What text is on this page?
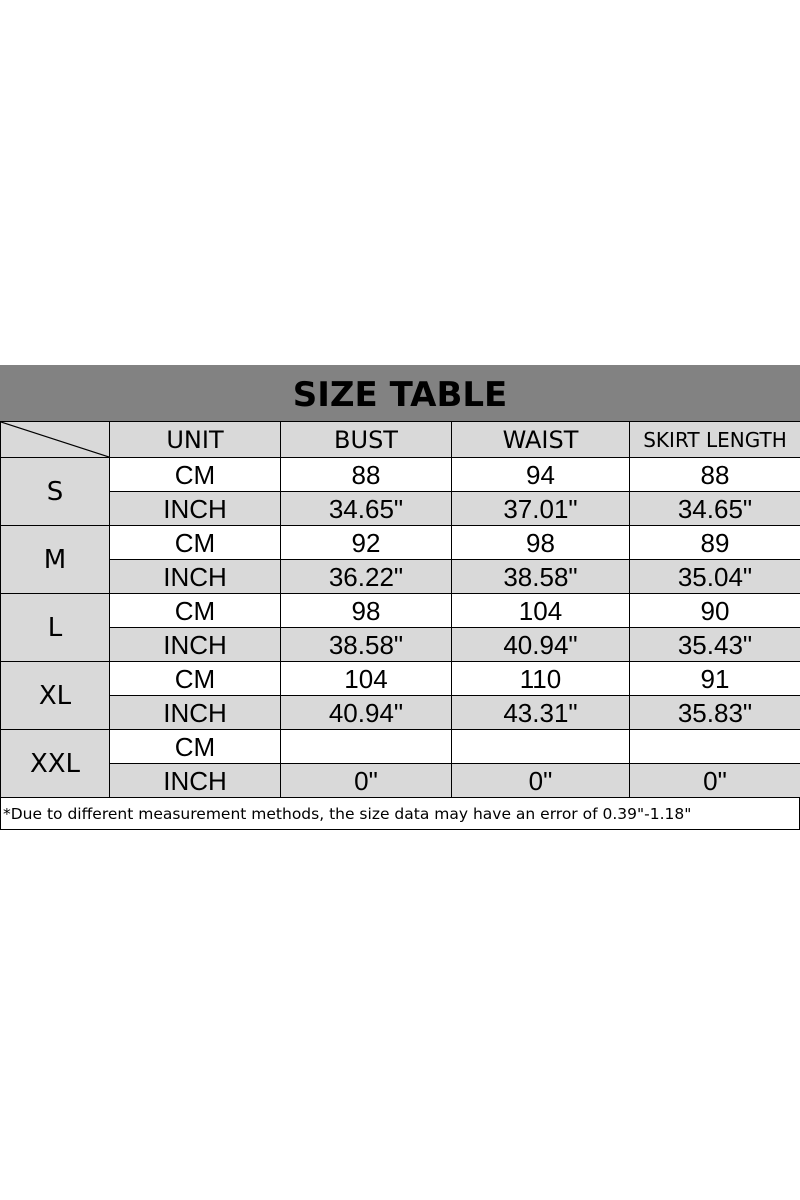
SIZE TABLE
	UNIT	BUST	WAIST	SKIRT LENGTH
S	CM	88	94	88
	INCH	34.65"	37.01"	34.65"
M	CM	92	98	89
	INCH	36.22"	38.58"	35.04"
L	CM	98	104	90
	INCH	38.58"	40.94"	35.43"
XL	CM	104	110	91
	INCH	40.94"	43.31"	35.83"
XXL	CM			
	INCH	0"	0"	0"
*Due to different measurement methods, the size data may have an error of 0.39"-1.18"
